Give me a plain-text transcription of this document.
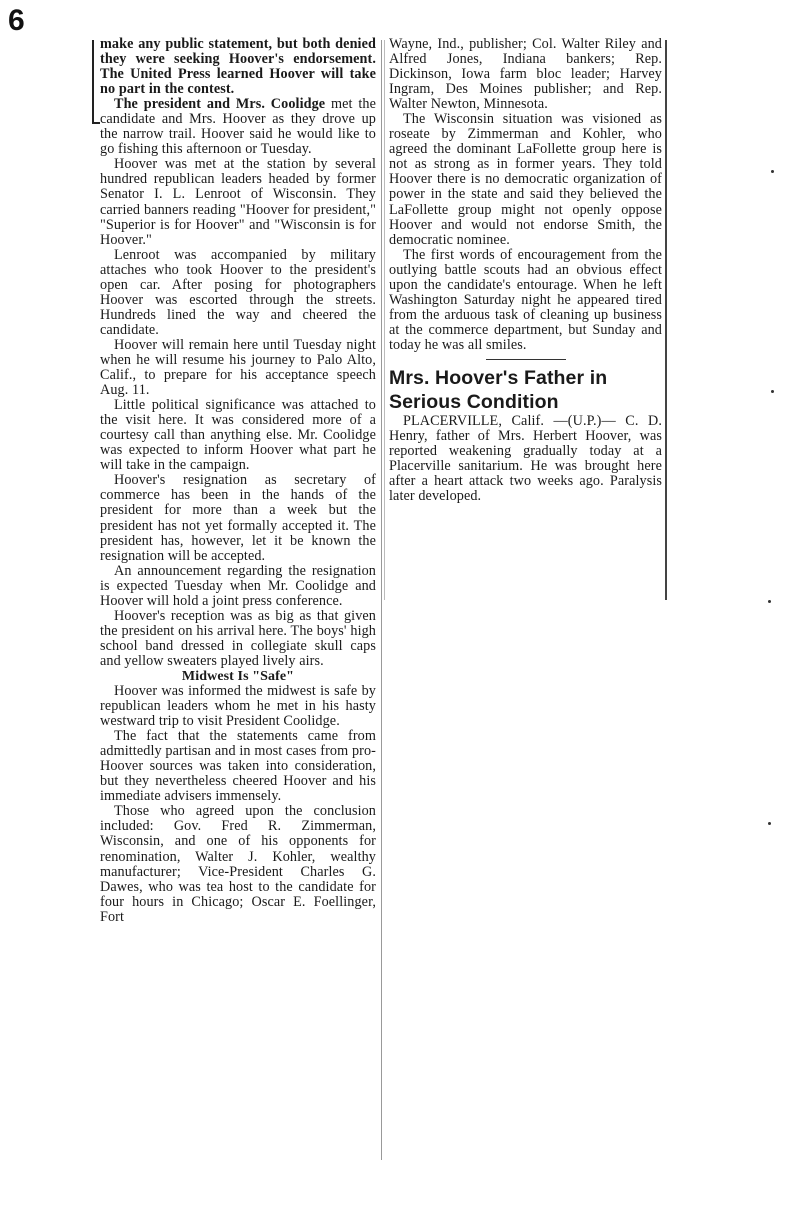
6

make any public statement, but both denied they were seeking Hoover's endorsement. The United Press learned Hoover will take no part in the contest.

The president and Mrs. Coolidge met the candidate and Mrs. Hoover as they drove up the narrow trail. Hoover said he would like to go fishing this afternoon or Tuesday.

Hoover was met at the station by several hundred republican leaders headed by former Senator I. L. Lenroot of Wisconsin. They carried banners reading "Hoover for president," "Superior is for Hoover" and "Wisconsin is for Hoover."

Lenroot was accompanied by military attaches who took Hoover to the president's open car. After posing for photographers Hoover was escorted through the streets. Hundreds lined the way and cheered the candidate.

Hoover will remain here until Tuesday night when he will resume his journey to Palo Alto, Calif., to prepare for his acceptance speech Aug. 11.

Little political significance was attached to the visit here. It was considered more of a courtesy call than anything else. Mr. Coolidge was expected to inform Hoover what part he will take in the campaign.

Hoover's resignation as secretary of commerce has been in the hands of the president for more than a week but the president has not yet formally accepted it. The president has, however, let it be known the resignation will be accepted.

An announcement regarding the resignation is expected Tuesday when Mr. Coolidge and Hoover will hold a joint press conference.

Hoover's reception was as big as that given the president on his arrival here. The boys' high school band dressed in collegiate skull caps and yellow sweaters played lively airs.

Midwest Is "Safe"

Hoover was informed the midwest is safe by republican leaders whom he met in his hasty westward trip to visit President Coolidge.

The fact that the statements came from admittedly partisan and in most cases from pro-Hoover sources was taken into consideration, but they nevertheless cheered Hoover and his immediate advisers immensely.

Those who agreed upon the conclusion included: Gov. Fred R. Zimmerman, Wisconsin, and one of his opponents for renomination, Walter J. Kohler, wealthy manufacturer; Vice-President Charles G. Dawes, who was tea host to the candidate for four hours in Chicago; Oscar E. Foellinger, Fort

Wayne, Ind., publisher; Col. Walter Riley and Alfred Jones, Indiana bankers; Rep. Dickinson, Iowa farm bloc leader; Harvey Ingram, Des Moines publisher; and Rep. Walter Newton, Minnesota.

The Wisconsin situation was visioned as roseate by Zimmerman and Kohler, who agreed the dominant LaFollette group here is not as strong as in former years. They told Hoover there is no democratic organization of power in the state and said they believed the LaFollette group might not openly oppose Hoover and would not endorse Smith, the democratic nominee.

The first words of encouragement from the outlying battle scouts had an obvious effect upon the candidate's entourage. When he left Washington Saturday night he appeared tired from the arduous task of cleaning up business at the commerce department, but Sunday and today he was all smiles.

Mrs. Hoover's Father in Serious Condition

PLACERVILLE, Calif. —(U.P.)— C. D. Henry, father of Mrs. Herbert Hoover, was reported weakening gradually today at a Placerville sanitarium. He was brought here after a heart attack two weeks ago. Paralysis later developed.
